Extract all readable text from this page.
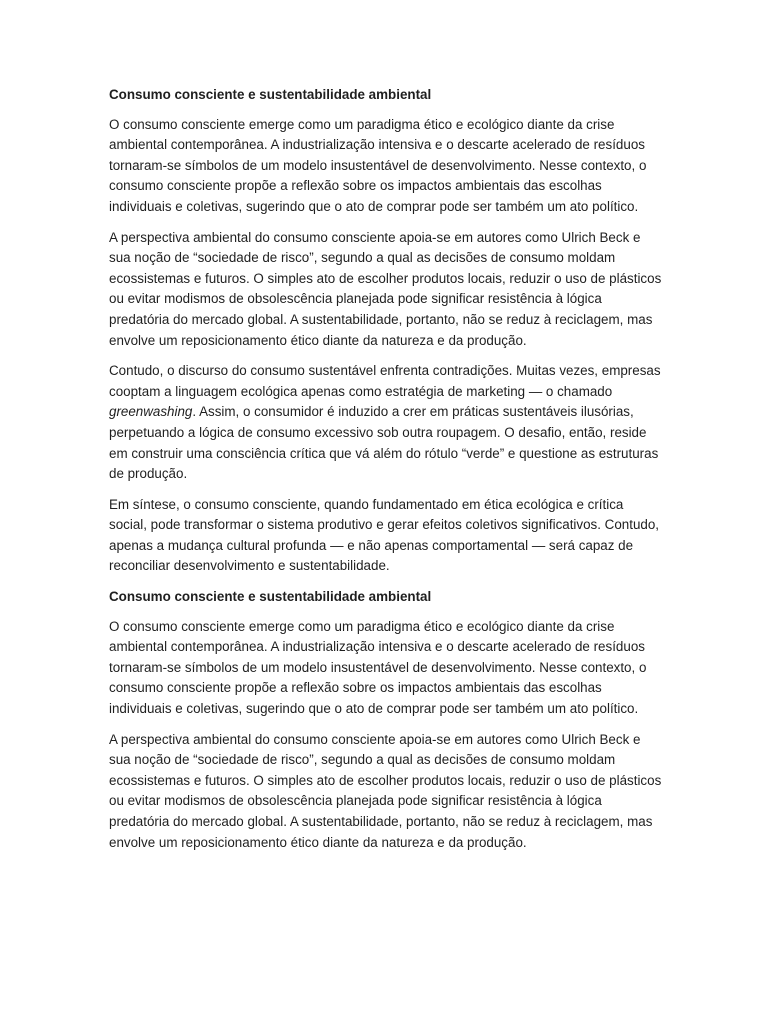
Consumo consciente e sustentabilidade ambiental

O consumo consciente emerge como um paradigma ético e ecológico diante da crise ambiental contemporânea. A industrialização intensiva e o descarte acelerado de resíduos tornaram-se símbolos de um modelo insustentável de desenvolvimento. Nesse contexto, o consumo consciente propõe a reflexão sobre os impactos ambientais das escolhas individuais e coletivas, sugerindo que o ato de comprar pode ser também um ato político.

A perspectiva ambiental do consumo consciente apoia-se em autores como Ulrich Beck e sua noção de “sociedade de risco”, segundo a qual as decisões de consumo moldam ecossistemas e futuros. O simples ato de escolher produtos locais, reduzir o uso de plásticos ou evitar modismos de obsolescência planejada pode significar resistência à lógica predatória do mercado global. A sustentabilidade, portanto, não se reduz à reciclagem, mas envolve um reposicionamento ético diante da natureza e da produção.

Contudo, o discurso do consumo sustentável enfrenta contradições. Muitas vezes, empresas cooptam a linguagem ecológica apenas como estratégia de marketing — o chamado greenwashing. Assim, o consumidor é induzido a crer em práticas sustentáveis ilusórias, perpetuando a lógica de consumo excessivo sob outra roupagem. O desafio, então, reside em construir uma consciência crítica que vá além do rótulo “verde” e questione as estruturas de produção.

Em síntese, o consumo consciente, quando fundamentado em ética ecológica e crítica social, pode transformar o sistema produtivo e gerar efeitos coletivos significativos. Contudo, apenas a mudança cultural profunda — e não apenas comportamental — será capaz de reconciliar desenvolvimento e sustentabilidade.

Consumo consciente e sustentabilidade ambiental

O consumo consciente emerge como um paradigma ético e ecológico diante da crise ambiental contemporânea. A industrialização intensiva e o descarte acelerado de resíduos tornaram-se símbolos de um modelo insustentável de desenvolvimento. Nesse contexto, o consumo consciente propõe a reflexão sobre os impactos ambientais das escolhas individuais e coletivas, sugerindo que o ato de comprar pode ser também um ato político.

A perspectiva ambiental do consumo consciente apoia-se em autores como Ulrich Beck e sua noção de “sociedade de risco”, segundo a qual as decisões de consumo moldam ecossistemas e futuros. O simples ato de escolher produtos locais, reduzir o uso de plásticos ou evitar modismos de obsolescência planejada pode significar resistência à lógica predatória do mercado global. A sustentabilidade, portanto, não se reduz à reciclagem, mas envolve um reposicionamento ético diante da natureza e da produção.
